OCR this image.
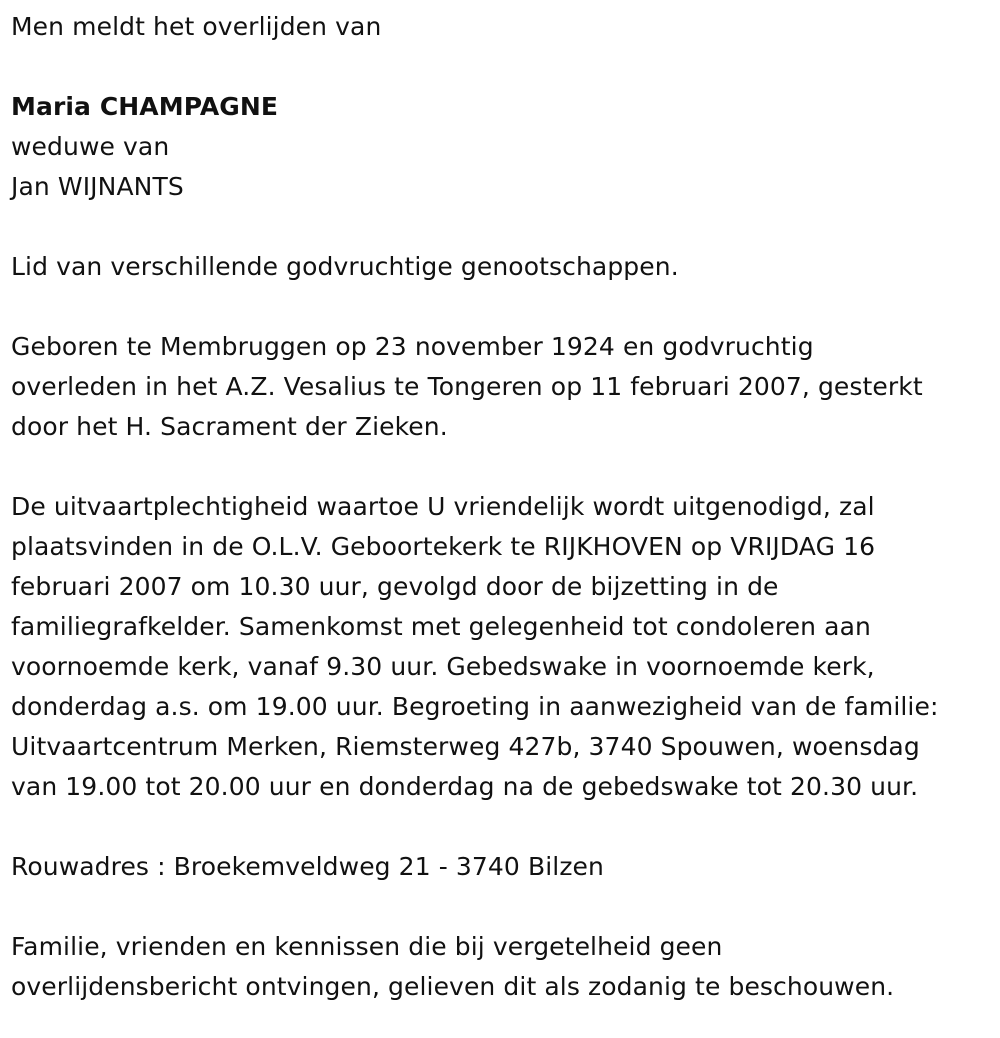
Men meldt het overlijden van
Maria CHAMPAGNE
weduwe van
Jan WIJNANTS
Lid van verschillende godvruchtige genootschappen.
Geboren te Membruggen op 23 november 1924 en godvruchtig
overleden in het A.Z. Vesalius te Tongeren op 11 februari 2007, gesterkt
door het H. Sacrament der Zieken.
De uitvaartplechtigheid waartoe U vriendelijk wordt uitgenodigd, zal
plaatsvinden in de O.L.V. Geboortekerk te RIJKHOVEN op VRIJDAG 16
februari 2007 om 10.30 uur, gevolgd door de bijzetting in de
familiegrafkelder. Samenkomst met gelegenheid tot condoleren aan
voornoemde kerk, vanaf 9.30 uur. Gebedswake in voornoemde kerk,
donderdag a.s. om 19.00 uur. Begroeting in aanwezigheid van de familie:
Uitvaartcentrum Merken, Riemsterweg 427b, 3740 Spouwen, woensdag
van 19.00 tot 20.00 uur en donderdag na de gebedswake tot 20.30 uur.
Rouwadres : Broekemveldweg 21 - 3740 Bilzen
Familie, vrienden en kennissen die bij vergetelheid geen
overlijdensbericht ontvingen, gelieven dit als zodanig te beschouwen.
